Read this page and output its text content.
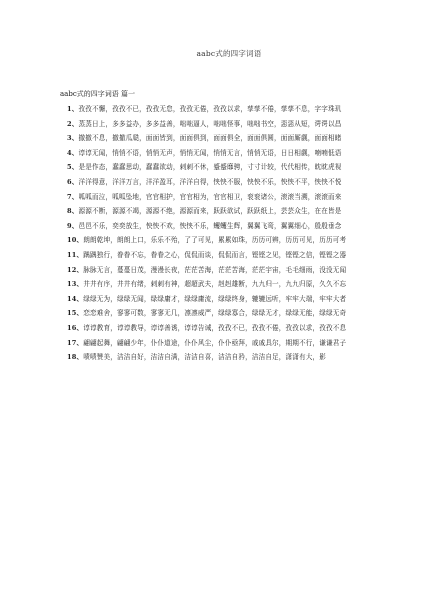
aabc式的四字词语
aabc式的四字词语 篇一
1、孜孜不懈，孜孜不已，孜孜无怠，孜孜无倦，孜孜以求，孳孳不倦，孳孳不息，字字珠玑
2、蒸蒸日上，多多益办，多多益善，咄咄逼人，咄咄怪事，咄咄书空，惡惡从短，谔谔以昌
3、撤撤不息，撤撤瓜瓞，面面皆到，面面俱到，面面俱全，面面俱圆，面面厮觑，面面相睹
4、谆谆无闻，悄悄不语，悄悄无声，悄悄无闻，悄悄无言，悄悄无语，日日相觑，喃喃低语
5、是是作态，蠢蠢思动，蠢蠢欲动，刺刺不休，蹙蹙靡骋，寸寸计较，代代相传，眈眈虎视
6、洋洋得意，洋洋万言，洋洋盈耳，洋洋自得，怏怏不服，怏怏不乐，怏怏不平，怏怏不悦
7、呱呱而泣，呱呱坠地，官官相护，官官相为，官官相卫，衮衮诸公，滚滚当溯，滚滚而来
8、源源不断，源源不竭，源源不绝，源源而来，跃跃欲试，跃跃纸上，芸芸众生，在在皆是
9、邑邑不乐，奕奕放生，怏怏不欢，怏怏不乐，蠼蠼生辉，翼翼飞鸾，翼翼细心，殷殷垂念
10、朗朗乾坤，朗朗上口，乐乐不殆，了了可见，累累如珠，历历可辨，历历可见，历历可考
11、踽踽独行，眷眷不忘，眷眷之心，侃侃而谈，侃侃而言，铿铿之见，铿铿之信，铿铿之器
12、脉脉无言，蔓蔓日茂，漫漫长夜，茫茫苦海，茫茫苦海，茫茫宇宙，毛毛细雨，没没无闻
13、井井有序，井井有绪，刺刺有神，超超武夫，赳赳雄断，九九归一，九九归原，久久不忘
14、绿绿无为，绿绿无闻，绿绿庸才，绿绿庸流，绿绿终身，辘辘远听，牢牢大端，牢牢大者
15、恋恋难舍，寥寥可数，寥寥无几，凛凛威严，绿绿寡合，绿绿无才，绿绿无能，绿绿无奇
16、谆谆教育，谆谆教导，谆谆善诱，谆谆告诫，孜孜不已，孜孜不倦，孜孜以求，孜孜不息
17、翩翩起舞，翩翩少年，仆仆道途，仆仆风尘，仆仆亟拜，戚戚具尔，期期不行，谦谦君子
18、啧啧赞美，洁洁自好，洁洁自满，洁洁自喜，洁洁自矜，洁洁自足，潇潇有大，影
